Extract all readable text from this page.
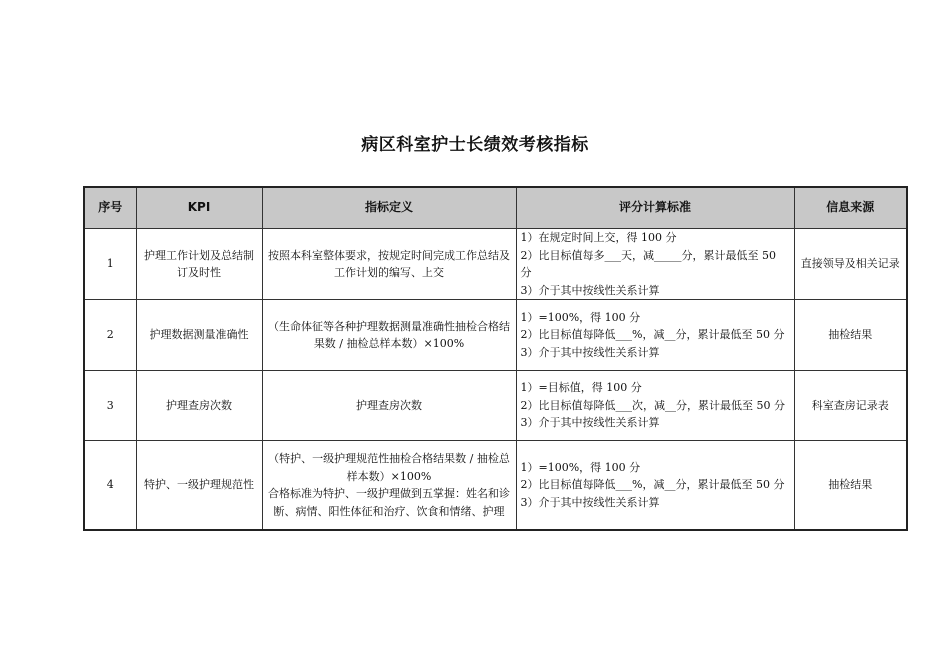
病区科室护士长绩效考核指标
序号	KPI	指标定义	评分计算标准	信息来源
1	护理工作计划及总结制订及时性	按照本科室整体要求，按规定时间完成工作总结及工作计划的编写、上交	1）在规定时间上交，得 100 分
2）比目标值每多___天，减_____分，累计最低至 50 分
3）介于其中按线性关系计算	直接领导及相关记录
2	护理数据测量准确性	（生命体征等各种护理数据测量准确性抽检合格结果数 / 抽检总样本数）×100%	1）=100%，得 100 分
2）比目标值每降低___%，减__分，累计最低至 50 分
3）介于其中按线性关系计算	抽检结果
3	护理查房次数	护理查房次数	1）=目标值，得 100 分
2）比目标值每降低___次，减__分，累计最低至 50 分
3）介于其中按线性关系计算	科室查房记录表
4	特护、一级护理规范性	（特护、一级护理规范性抽检合格结果数 / 抽检总样本数）×100%
合格标准为特护、一级护理做到五掌握：姓名和诊断、病情、阳性体征和治疗、饮食和情绪、护理	1）=100%，得 100 分
2）比目标值每降低___%，减__分，累计最低至 50 分
3）介于其中按线性关系计算	抽检结果
